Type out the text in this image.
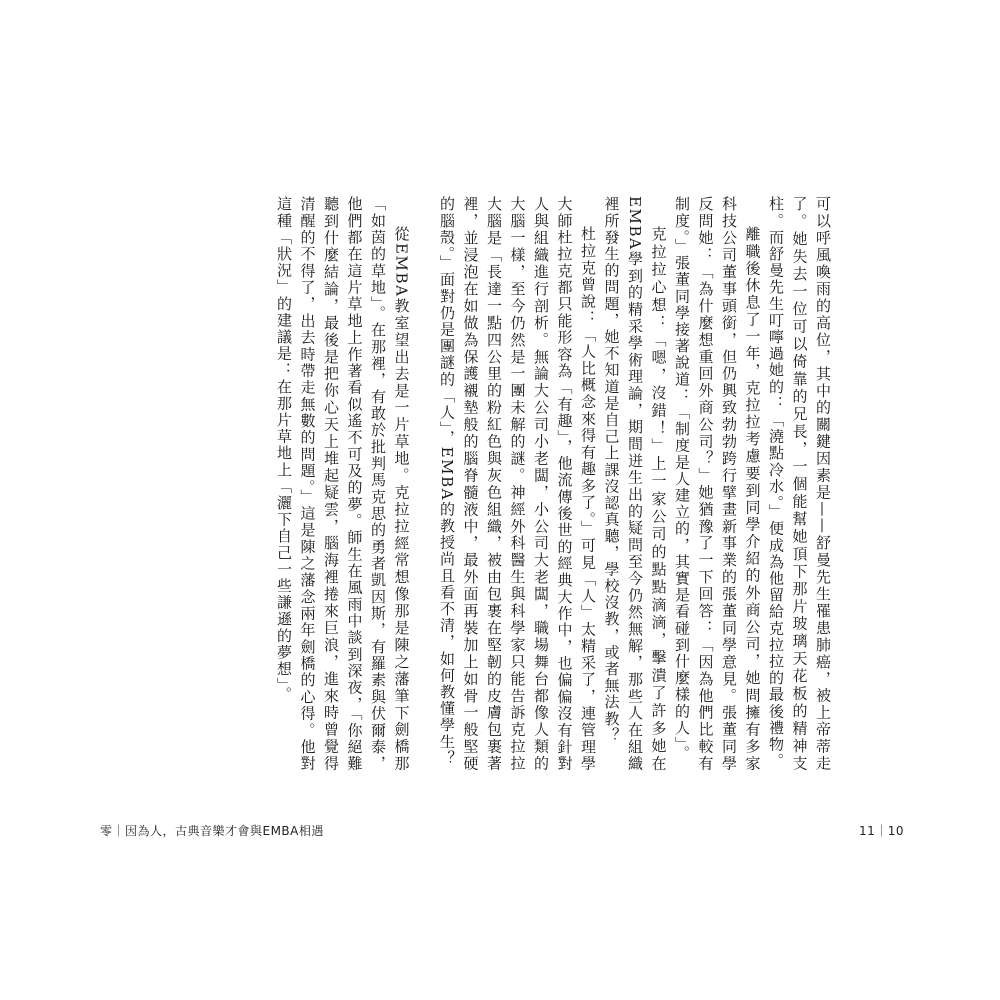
可以呼風喚雨的高位，其中的關鍵因素是——舒曼先生罹患肺癌，被上帝蒂走了。她失去一位可以倚靠的兄長，一個能幫她頂下那片玻璃天花板的精神支柱。而舒曼先生叮嚀過她的：「澆點冷水。」便成為他留給克拉拉的最後禮物。

離職後休息了一年，克拉拉考慮要到同學介紹的外商公司，她問擁有多家科技公司董事頭銜，但仍興致勃勃跨行擘畫新事業的張董同學意見。張董同學反問她：「為什麼想重回外商公司？」她猶豫了一下回答：「因為他們比較有制度。」張董同學接著說道：「制度是人建立的，其實是看碰到什麼樣的人」。

克拉拉心想：「嗯，沒錯！」上一家公司的點點滴滴，擊潰了許多她在EMBA學到的精采學術理論，期間迸生出的疑問至今仍然無解，那些人在組織裡所發生的問題，她不知道是自己上課沒認真聽，學校沒教，或者無法教？

杜拉克曾說：「人比概念來得有趣多了。」可見「人」太精采了，連管理學大師杜拉克都只能形容為「有趣」，他流傳後世的經典大作中，也偏偏沒有針對人與組織進行剖析。無論大公司小老闆，小公司大老闆，職場舞台都像人類的大腦一樣，至今仍然是一團未解的謎。神經外科醫生與科學家只能告訴克拉拉大腦是「長達一點四公里的粉紅色與灰色組織，被由包裹在堅韌的皮膚包裹著裡，並浸泡在如做為保護襯墊般的腦脊髓液中，最外面再裝加上如骨一般堅硬的腦殼。」面對仍是團謎的「人」，EMBA的教授尚且看不清，如何教懂學生？

從EMBA教室望出去是一片草地。克拉拉經常想像那是陳之藩筆下劍橋那「如茵的草地」。在那裡，有敢於批判馬克思的勇者凱因斯，有羅素與伏爾泰，他們都在這片草地上作著看似遙不可及的夢。師生在風雨中談到深夜，「你絕難聽到什麼結論，最後是把你心天上堆起疑雲，腦海裡捲來巨浪，進來時曾覺得清醒的不得了，出去時帶走無數的問題。」這是陳之藩念兩年劍橋的心得。他對這種「狀況」的建議是：在那片草地上「灑下自己一些謙遜的夢想」。

零｜因為人，古典音樂才會與EMBA相遇	11｜10
